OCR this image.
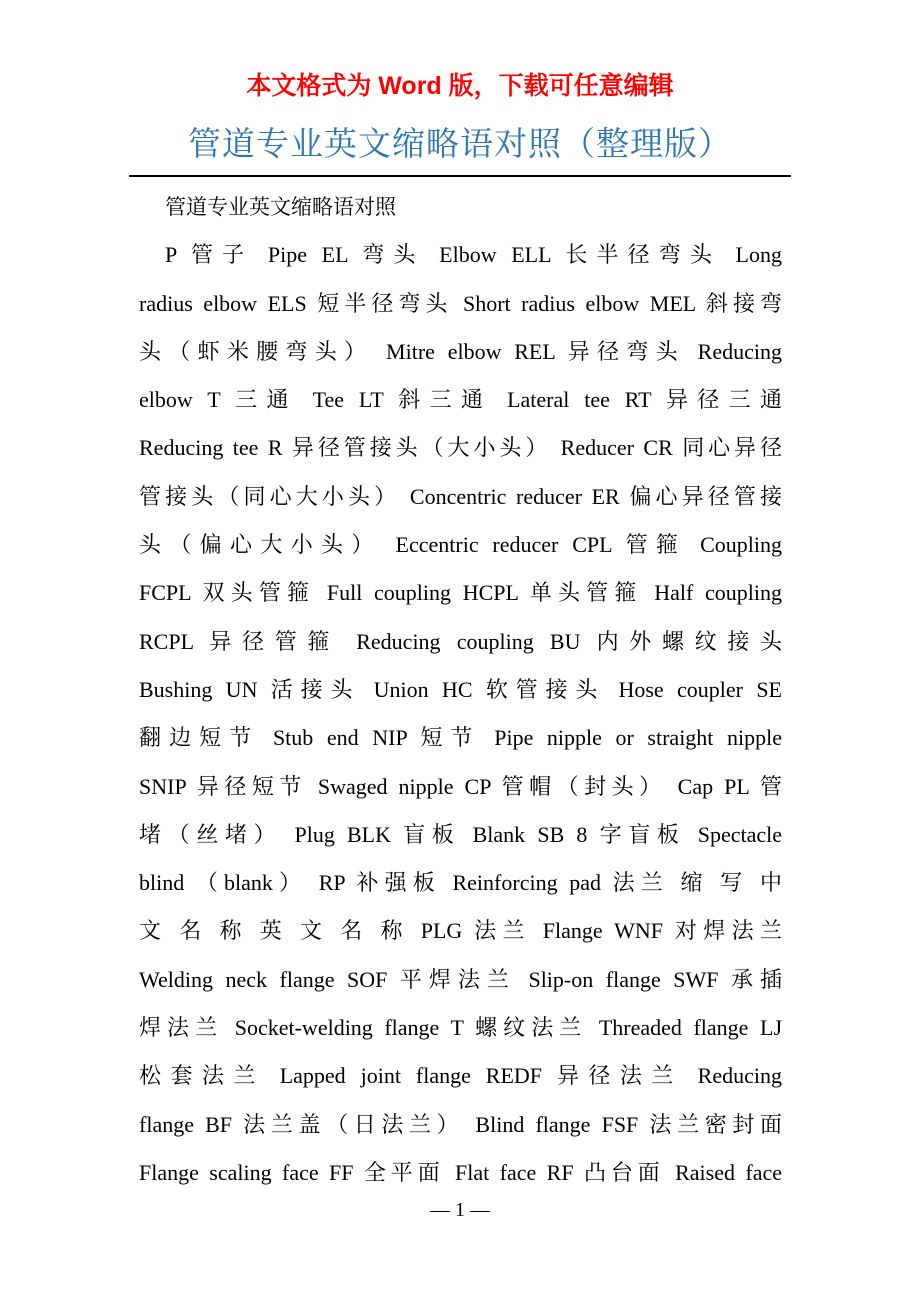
本文格式为 Word 版，下载可任意编辑
管道专业英文缩略语对照（整理版）

管道专业英文缩略语对照

P 管子 Pipe EL 弯头 Elbow ELL 长半径弯头 Long
radius elbow ELS 短半径弯头 Short radius elbow MEL 斜接弯
头（虾米腰弯头） Mitre elbow REL 异径弯头 Reducing
elbow T 三通 Tee LT 斜三通 Lateral tee RT 异径三通
Reducing tee R 异径管接头（大小头） Reducer CR 同心异径
管接头（同心大小头） Concentric reducer ER 偏心异径管接
头（偏心大小头） Eccentric reducer CPL 管箍 Coupling
FCPL 双头管箍 Full coupling HCPL 单头管箍 Half coupling
RCPL 异径管箍 Reducing coupling BU 内外螺纹接头
Bushing UN 活接头 Union HC 软管接头 Hose coupler SE
翻边短节 Stub end NIP 短节 Pipe nipple or straight nipple
SNIP 异径短节 Swaged nipple CP 管帽（封头） Cap PL 管
堵（丝堵） Plug BLK 盲板 Blank SB 8 字盲板 Spectacle
blind （blank） RP 补强板 Reinforcing pad 法兰 缩 写 中
文 名 称 英 文 名 称 PLG 法兰 Flange WNF 对焊法兰
Welding neck flange SOF 平焊法兰 Slip-on flange SWF 承插
焊法兰 Socket-welding flange T 螺纹法兰 Threaded flange LJ
松套法兰 Lapped joint flange REDF 异径法兰 Reducing
flange BF 法兰盖（日法兰） Blind flange FSF 法兰密封面
Flange scaling face FF 全平面 Flat face RF 凸台面 Raised face
— 1 —
